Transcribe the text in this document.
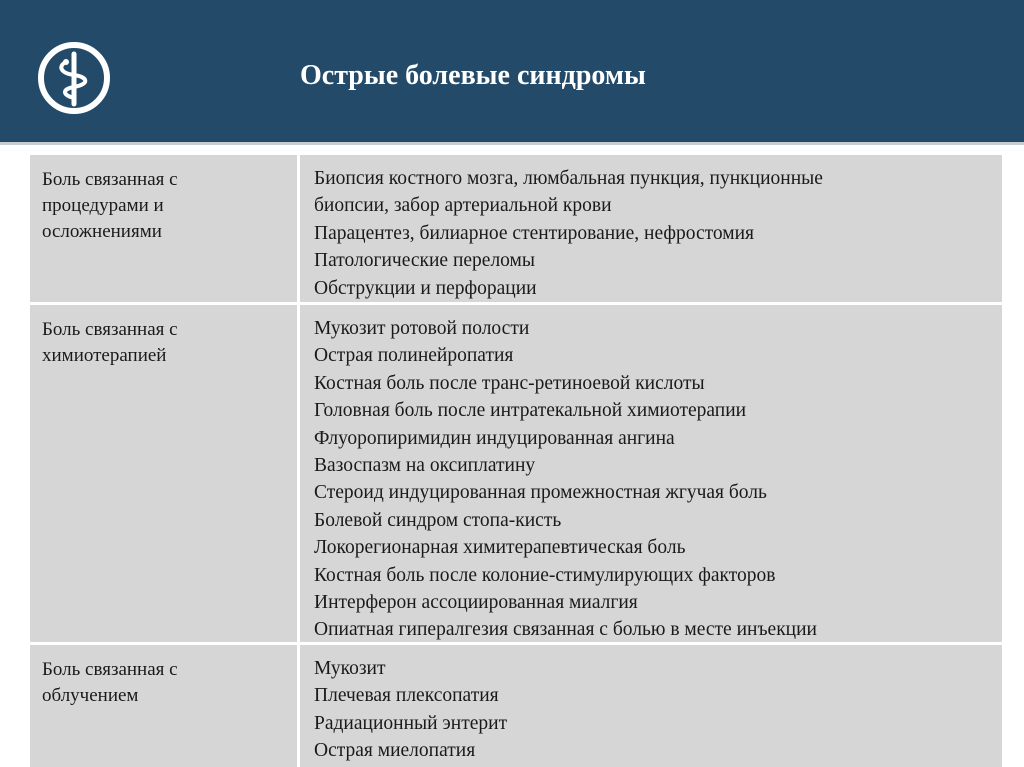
Острые болевые синдромы
Боль связанная с
процедурами и
осложнениями
Биопсия костного мозга, люмбальная пункция, пункционные
биопсии, забор артериальной крови
Парацентез, билиарное стентирование, нефростомия
Патологические переломы
Обструкции и перфорации
Боль связанная с
химиотерапией
Мукозит ротовой полости
Острая полинейропатия
Костная боль после транс-ретиноевой кислоты
Головная боль после интратекальной химиотерапии
Флуоропиримидин индуцированная ангина
Вазоспазм на оксиплатину
Стероид индуцированная промежностная жгучая боль
Болевой синдром стопа-кисть
Локорегионарная химитерапевтическая боль
Костная боль после колоние-стимулирующих факторов
Интерферон ассоциированная миалгия
Опиатная гипералгезия связанная с болью в месте инъекции
Боль связанная с
облучением
Мукозит
Плечевая плексопатия
Радиационный энтерит
Острая миелопатия
